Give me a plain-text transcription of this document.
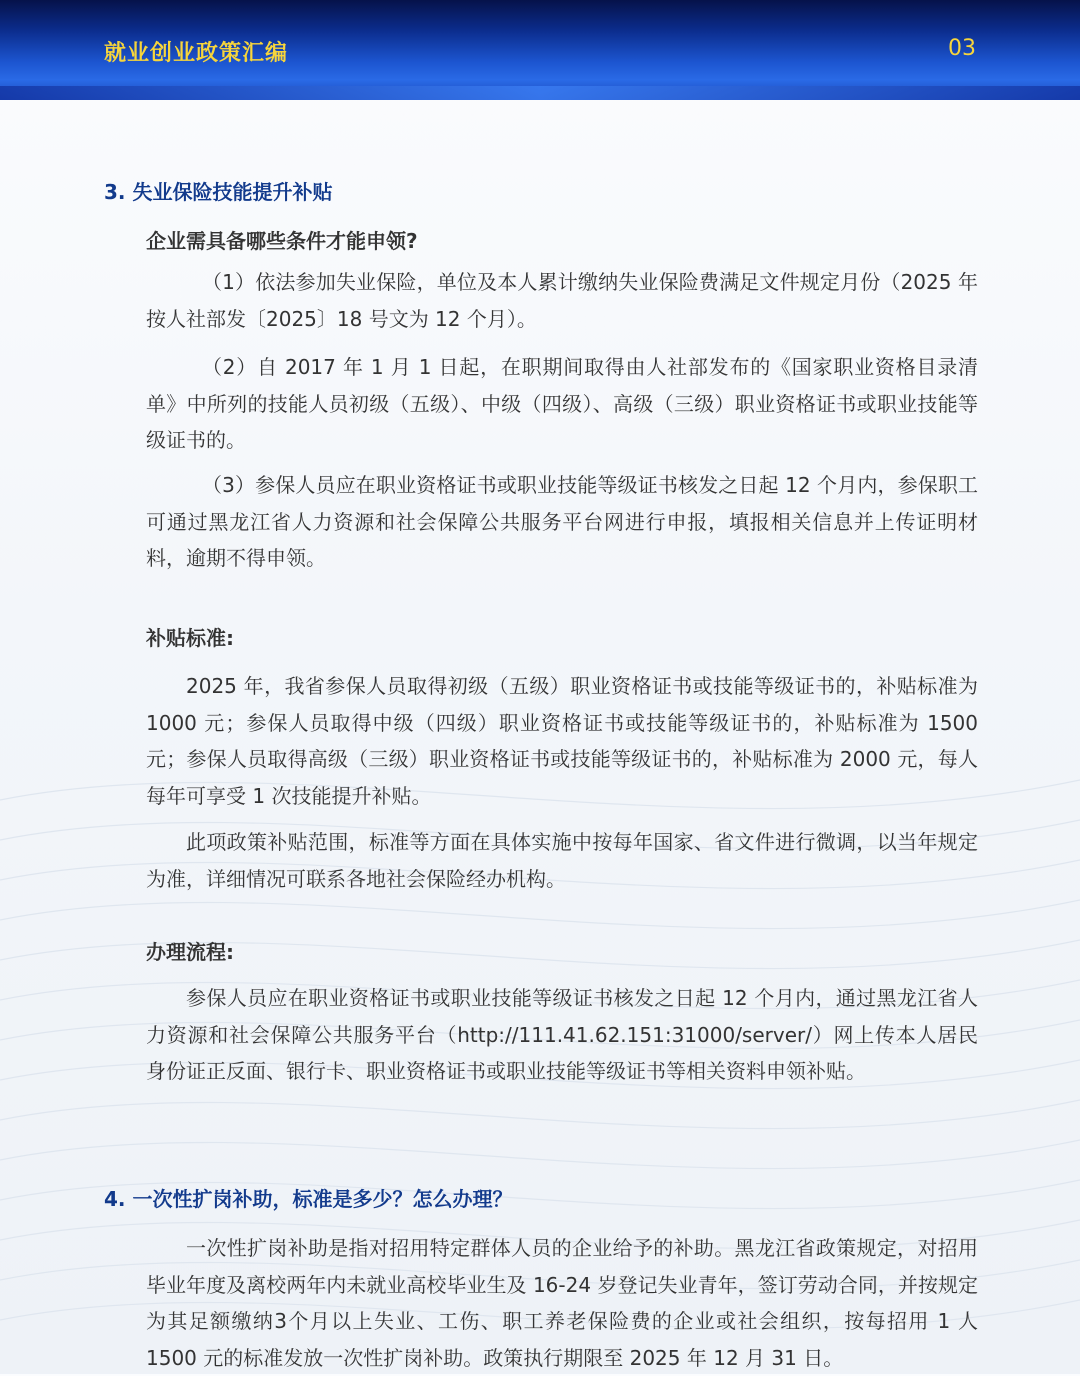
就业创业政策汇编	03
3. 失业保险技能提升补贴
企业需具备哪些条件才能申领?

（1）依法参加失业保险，单位及本人累计缴纳失业保险费满足文件规定月份（2025 年按人社部发〔2025〕18 号文为 12 个月）。

（2）自 2017 年 1 月 1 日起，在职期间取得由人社部发布的《国家职业资格目录清单》中所列的技能人员初级（五级）、中级（四级）、高级（三级）职业资格证书或职业技能等级证书的。

（3）参保人员应在职业资格证书或职业技能等级证书核发之日起 12 个月内，参保职工可通过黑龙江省人力资源和社会保障公共服务平台网进行申报，填报相关信息并上传证明材料，逾期不得申领。

补贴标准:

2025 年，我省参保人员取得初级（五级）职业资格证书或技能等级证书的，补贴标准为 1000 元；参保人员取得中级（四级）职业资格证书或技能等级证书的，补贴标准为 1500 元；参保人员取得高级（三级）职业资格证书或技能等级证书的，补贴标准为 2000 元，每人每年可享受 1 次技能提升补贴。

此项政策补贴范围，标准等方面在具体实施中按每年国家、省文件进行微调，以当年规定为准，详细情况可联系各地社会保险经办机构。

办理流程:

参保人员应在职业资格证书或职业技能等级证书核发之日起 12 个月内，通过黑龙江省人力资源和社会保障公共服务平台（http://111.41.62.151:31000/server/）网上传本人居民身份证正反面、银行卡、职业资格证书或职业技能等级证书等相关资料申领补贴。

4. 一次性扩岗补助，标准是多少？怎么办理？

一次性扩岗补助是指对招用特定群体人员的企业给予的补助。黑龙江省政策规定，对招用毕业年度及离校两年内未就业高校毕业生及 16-24 岁登记失业青年，签订劳动合同，并按规定为其足额缴纳3个月以上失业、工伤、职工养老保险费的企业或社会组织，按每招用 1 人 1500 元的标准发放一次性扩岗补助。政策执行期限至 2025 年 12 月 31 日。
